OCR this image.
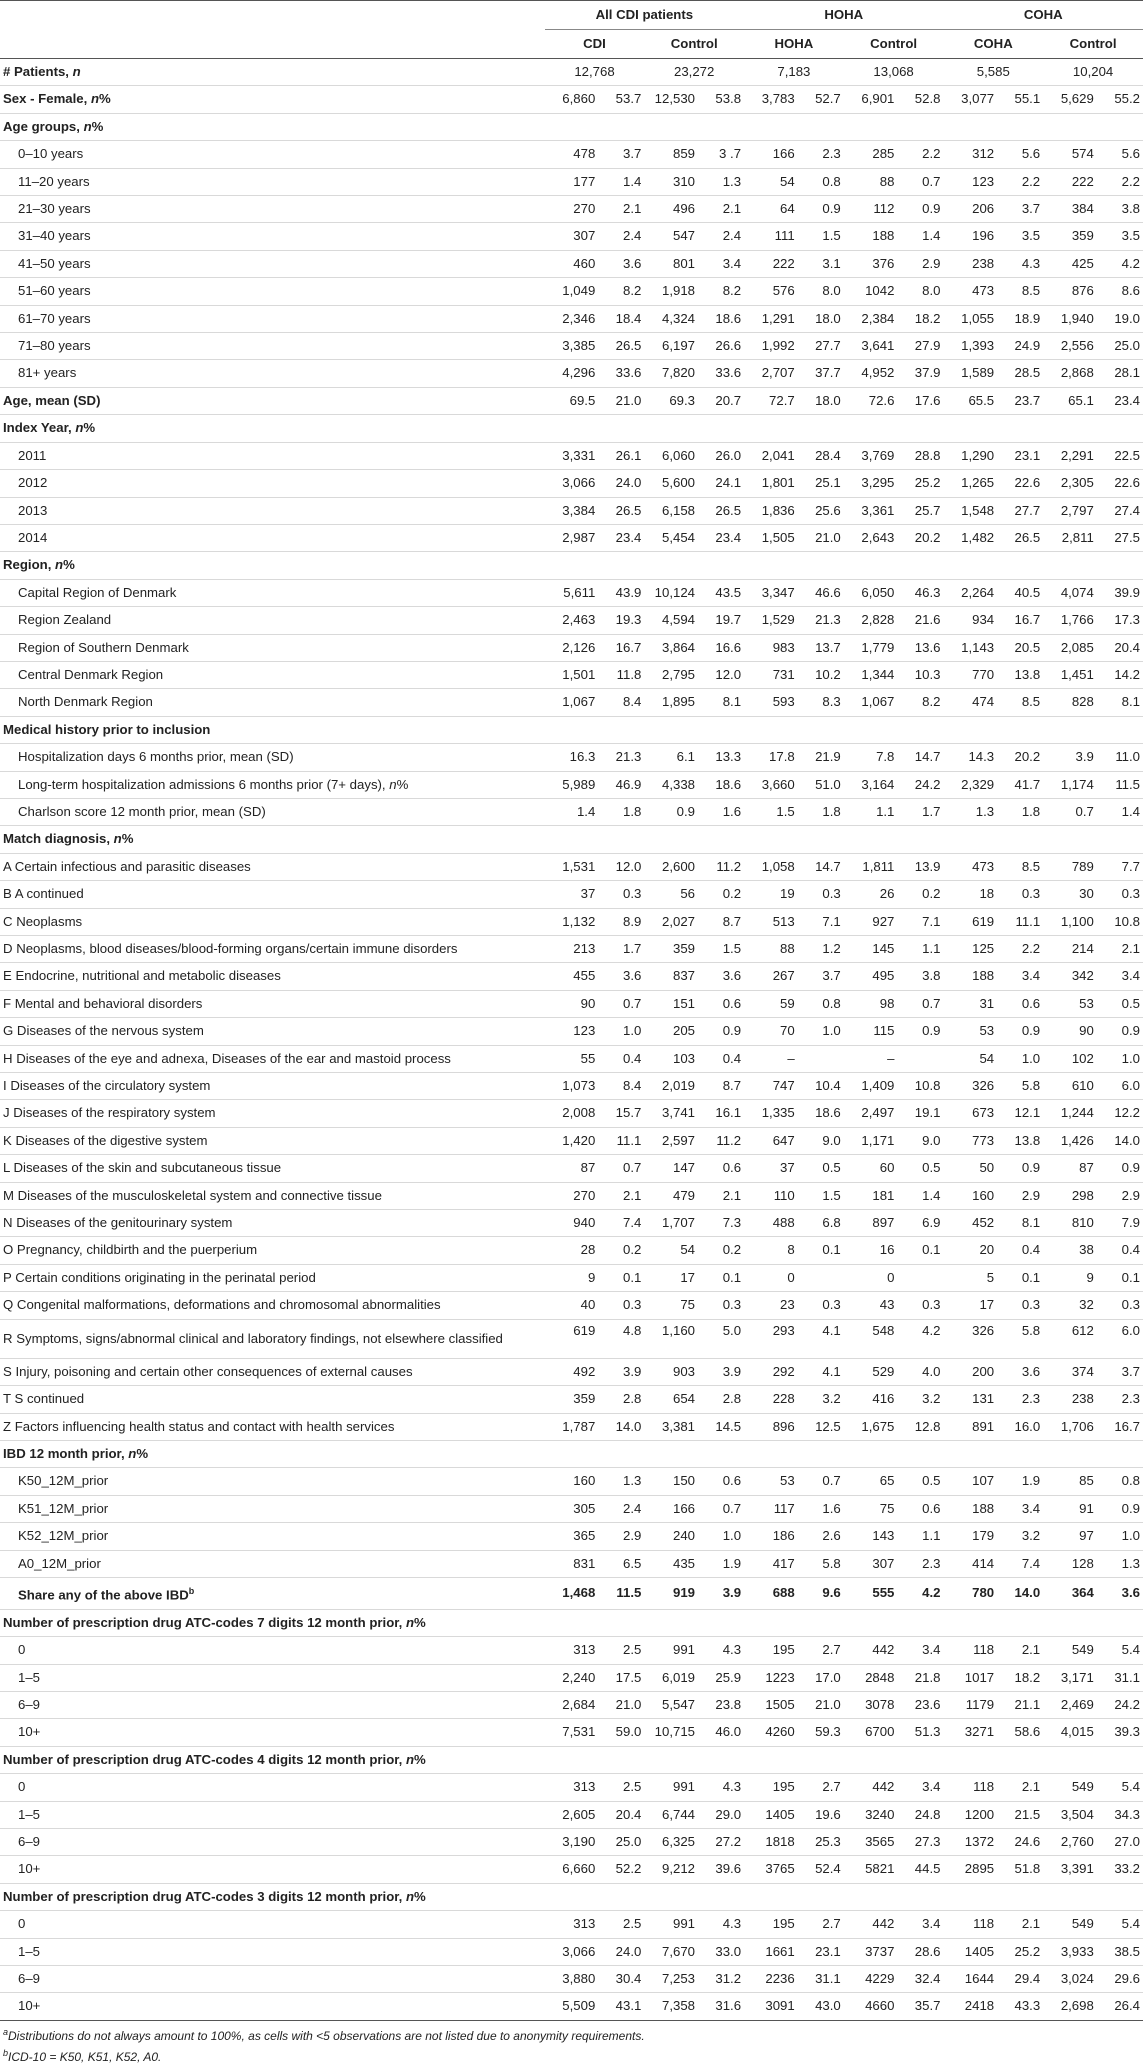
	All CDI patients				HOHA				COHA			
	CDI		Control		HOHA		Control		COHA		Control	
# Patients, n	12,768		23,272		7,183		13,068		5,585		10,204	
Sex - Female, n%	6,860	53.7	12,530	53.8	3,783	52.7	6,901	52.8	3,077	55.1	5,629	55.2
Age groups, n%												
0–10 years	478	3.7	859	3 .7	166	2.3	285	2.2	312	5.6	574	5.6
11–20 years	177	1.4	310	1.3	54	0.8	88	0.7	123	2.2	222	2.2
21–30 years	270	2.1	496	2.1	64	0.9	112	0.9	206	3.7	384	3.8
31–40 years	307	2.4	547	2.4	111	1.5	188	1.4	196	3.5	359	3.5
41–50 years	460	3.6	801	3.4	222	3.1	376	2.9	238	4.3	425	4.2
51–60 years	1,049	8.2	1,918	8.2	576	8.0	1042	8.0	473	8.5	876	8.6
61–70 years	2,346	18.4	4,324	18.6	1,291	18.0	2,384	18.2	1,055	18.9	1,940	19.0
71–80 years	3,385	26.5	6,197	26.6	1,992	27.7	3,641	27.9	1,393	24.9	2,556	25.0
81+ years	4,296	33.6	7,820	33.6	2,707	37.7	4,952	37.9	1,589	28.5	2,868	28.1
Age, mean (SD)	69.5	21.0	69.3	20.7	72.7	18.0	72.6	17.6	65.5	23.7	65.1	23.4
Index Year, n%												
2011	3,331	26.1	6,060	26.0	2,041	28.4	3,769	28.8	1,290	23.1	2,291	22.5
2012	3,066	24.0	5,600	24.1	1,801	25.1	3,295	25.2	1,265	22.6	2,305	22.6
2013	3,384	26.5	6,158	26.5	1,836	25.6	3,361	25.7	1,548	27.7	2,797	27.4
2014	2,987	23.4	5,454	23.4	1,505	21.0	2,643	20.2	1,482	26.5	2,811	27.5
Region, n%												
Capital Region of Denmark	5,611	43.9	10,124	43.5	3,347	46.6	6,050	46.3	2,264	40.5	4,074	39.9
Region Zealand	2,463	19.3	4,594	19.7	1,529	21.3	2,828	21.6	934	16.7	1,766	17.3
Region of Southern Denmark	2,126	16.7	3,864	16.6	983	13.7	1,779	13.6	1,143	20.5	2,085	20.4
Central Denmark Region	1,501	11.8	2,795	12.0	731	10.2	1,344	10.3	770	13.8	1,451	14.2
North Denmark Region	1,067	8.4	1,895	8.1	593	8.3	1,067	8.2	474	8.5	828	8.1
Medical history prior to inclusion												
Hospitalization days 6 months prior, mean (SD)	16.3	21.3	6.1	13.3	17.8	21.9	7.8	14.7	14.3	20.2	3.9	11.0
Long-term hospitalization admissions 6 months prior (7+ days), n%	5,989	46.9	4,338	18.6	3,660	51.0	3,164	24.2	2,329	41.7	1,174	11.5
Charlson score 12 month prior, mean (SD)	1.4	1.8	0.9	1.6	1.5	1.8	1.1	1.7	1.3	1.8	0.7	1.4
Match diagnosis, n%												
A Certain infectious and parasitic diseases	1,531	12.0	2,600	11.2	1,058	14.7	1,811	13.9	473	8.5	789	7.7
B A continued	37	0.3	56	0.2	19	0.3	26	0.2	18	0.3	30	0.3
C Neoplasms	1,132	8.9	2,027	8.7	513	7.1	927	7.1	619	11.1	1,100	10.8
D Neoplasms, blood diseases/blood-forming organs/certain immune disorders	213	1.7	359	1.5	88	1.2	145	1.1	125	2.2	214	2.1
E Endocrine, nutritional and metabolic diseases	455	3.6	837	3.6	267	3.7	495	3.8	188	3.4	342	3.4
F Mental and behavioral disorders	90	0.7	151	0.6	59	0.8	98	0.7	31	0.6	53	0.5
G Diseases of the nervous system	123	1.0	205	0.9	70	1.0	115	0.9	53	0.9	90	0.9
H Diseases of the eye and adnexa, Diseases of the ear and mastoid process	55	0.4	103	0.4	–		–		54	1.0	102	1.0
I Diseases of the circulatory system	1,073	8.4	2,019	8.7	747	10.4	1,409	10.8	326	5.8	610	6.0
J Diseases of the respiratory system	2,008	15.7	3,741	16.1	1,335	18.6	2,497	19.1	673	12.1	1,244	12.2
K Diseases of the digestive system	1,420	11.1	2,597	11.2	647	9.0	1,171	9.0	773	13.8	1,426	14.0
L Diseases of the skin and subcutaneous tissue	87	0.7	147	0.6	37	0.5	60	0.5	50	0.9	87	0.9
M Diseases of the musculoskeletal system and connective tissue	270	2.1	479	2.1	110	1.5	181	1.4	160	2.9	298	2.9
N Diseases of the genitourinary system	940	7.4	1,707	7.3	488	6.8	897	6.9	452	8.1	810	7.9
O Pregnancy, childbirth and the puerperium	28	0.2	54	0.2	8	0.1	16	0.1	20	0.4	38	0.4
P Certain conditions originating in the perinatal period	9	0.1	17	0.1	0		0		5	0.1	9	0.1
Q Congenital malformations, deformations and chromosomal abnormalities	40	0.3	75	0.3	23	0.3	43	0.3	17	0.3	32	0.3
R Symptoms, signs/abnormal clinical and laboratory findings, not elsewhere classified	619	4.8	1,160	5.0	293	4.1	548	4.2	326	5.8	612	6.0
S Injury, poisoning and certain other consequences of external causes	492	3.9	903	3.9	292	4.1	529	4.0	200	3.6	374	3.7
T S continued	359	2.8	654	2.8	228	3.2	416	3.2	131	2.3	238	2.3
Z Factors influencing health status and contact with health services	1,787	14.0	3,381	14.5	896	12.5	1,675	12.8	891	16.0	1,706	16.7
IBD 12 month prior, n%												
K50_12M_prior	160	1.3	150	0.6	53	0.7	65	0.5	107	1.9	85	0.8
K51_12M_prior	305	2.4	166	0.7	117	1.6	75	0.6	188	3.4	91	0.9
K52_12M_prior	365	2.9	240	1.0	186	2.6	143	1.1	179	3.2	97	1.0
A0_12M_prior	831	6.5	435	1.9	417	5.8	307	2.3	414	7.4	128	1.3
Share any of the above IBD$^b$	1,468	11.5	919	3.9	688	9.6	555	4.2	780	14.0	364	3.6
Number of prescription drug ATC-codes 7 digits 12 month prior, n%												
0	313	2.5	991	4.3	195	2.7	442	3.4	118	2.1	549	5.4
1–5	2,240	17.5	6,019	25.9	1223	17.0	2848	21.8	1017	18.2	3,171	31.1
6–9	2,684	21.0	5,547	23.8	1505	21.0	3078	23.6	1179	21.1	2,469	24.2
10+	7,531	59.0	10,715	46.0	4260	59.3	6700	51.3	3271	58.6	4,015	39.3
Number of prescription drug ATC-codes 4 digits 12 month prior, n%												
0	313	2.5	991	4.3	195	2.7	442	3.4	118	2.1	549	5.4
1–5	2,605	20.4	6,744	29.0	1405	19.6	3240	24.8	1200	21.5	3,504	34.3
6–9	3,190	25.0	6,325	27.2	1818	25.3	3565	27.3	1372	24.6	2,760	27.0
10+	6,660	52.2	9,212	39.6	3765	52.4	5821	44.5	2895	51.8	3,391	33.2
Number of prescription drug ATC-codes 3 digits 12 month prior, n%												
0	313	2.5	991	4.3	195	2.7	442	3.4	118	2.1	549	5.4
1–5	3,066	24.0	7,670	33.0	1661	23.1	3737	28.6	1405	25.2	3,933	38.5
6–9	3,880	30.4	7,253	31.2	2236	31.1	4229	32.4	1644	29.4	3,024	29.6
10+	5,509	43.1	7,358	31.6	3091	43.0	4660	35.7	2418	43.3	2,698	26.4
$^a$Distributions do not always amount to 100%, as cells with <5 observations are not listed due to anonymity requirements.
$^b$ICD-10 = K50, K51, K52, A0.
